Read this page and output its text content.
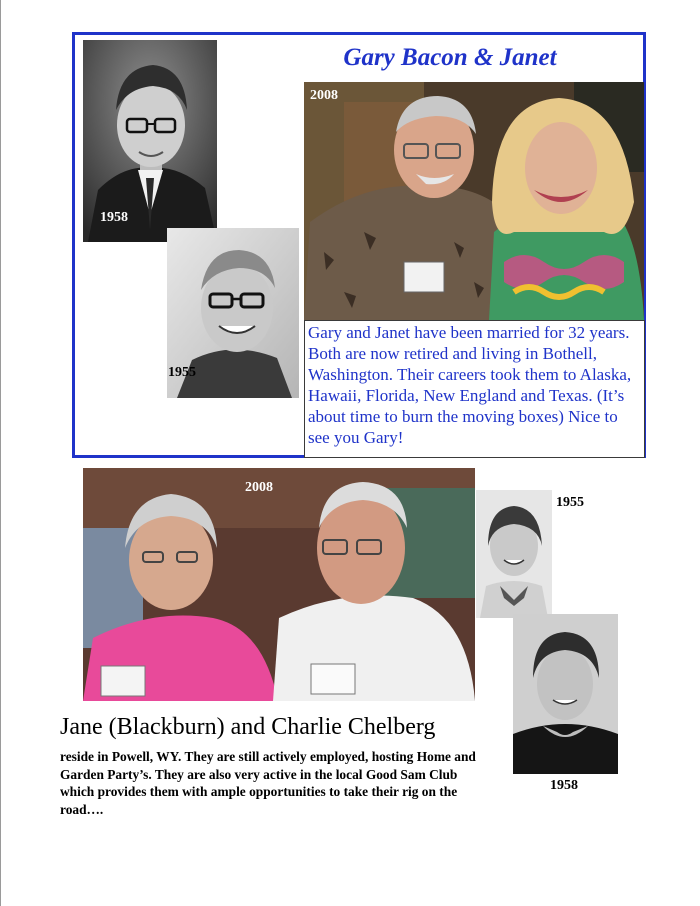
Gary Bacon & Janet
1958
1955
2008

Gary and Janet have been married for 32 years. Both are now retired and living in Bothell, Washington. Their careers took them to Alaska, Hawaii, Florida, New England and Texas. (It’s about time to burn the moving boxes) Nice to see you Gary!

2008
1955
1958
Jane (Blackburn) and Charlie Chelberg

reside in Powell, WY. They are still actively employed, hosting Home and Garden Party’s. They are also very active in the local Good Sam Club which provides them with ample opportunities to take their rig on the road….
